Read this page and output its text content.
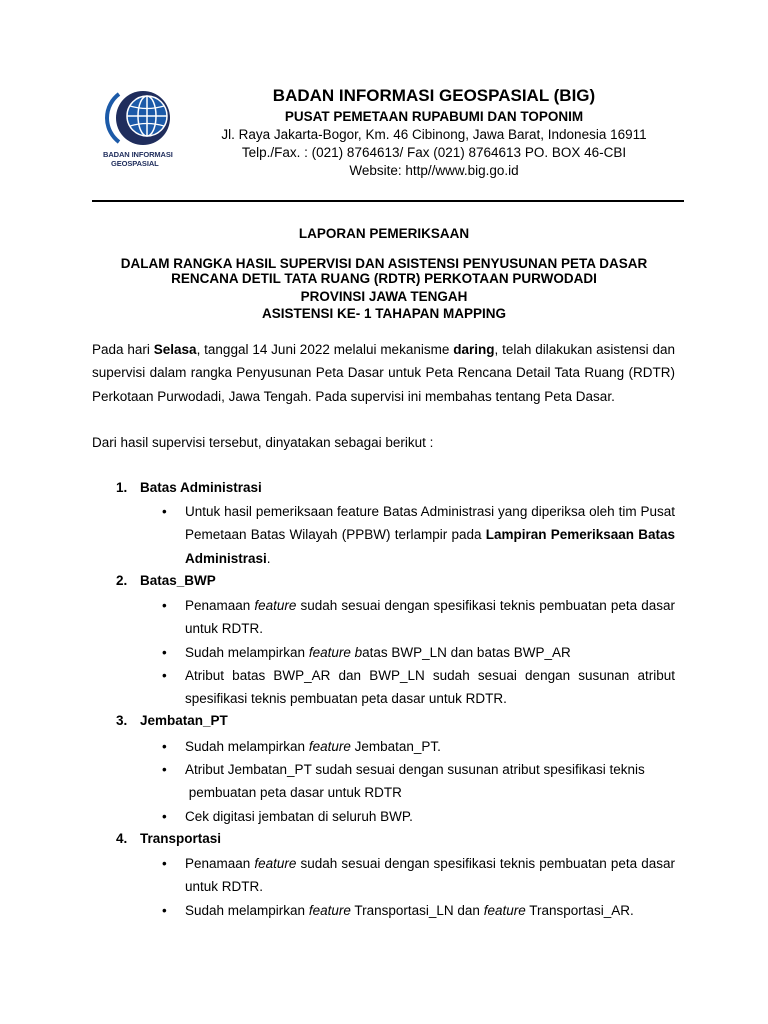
BADAN INFORMASI
GEOSPASIAL
BADAN INFORMASI GEOSPASIAL (BIG)
PUSAT PEMETAAN RUPABUMI DAN TOPONIM
Jl. Raya Jakarta-Bogor, Km. 46 Cibinong, Jawa Barat, Indonesia 16911
Telp./Fax. : (021) 8764613/ Fax (021) 8764613 PO. BOX 46-CBI
Website: http//www.big.go.id
LAPORAN PEMERIKSAAN
DALAM RANGKA HASIL SUPERVISI DAN ASISTENSI PENYUSUNAN PETA DASAR
RENCANA DETIL TATA RUANG (RDTR) PERKOTAAN PURWODADI
PROVINSI JAWA TENGAH
ASISTENSI KE- 1 TAHAPAN MAPPING
Pada hari Selasa, tanggal 14 Juni 2022 melalui mekanisme daring, telah dilakukan asistensi dan supervisi dalam rangka Penyusunan Peta Dasar untuk Peta Rencana Detail Tata Ruang (RDTR) Perkotaan Purwodadi, Jawa Tengah. Pada supervisi ini membahas tentang Peta Dasar.
Dari hasil supervisi tersebut, dinyatakan sebagai berikut :
1. Batas Administrasi
• Untuk hasil pemeriksaan feature Batas Administrasi yang diperiksa oleh tim Pusat Pemetaan Batas Wilayah (PPBW) terlampir pada Lampiran Pemeriksaan Batas Administrasi.
2. Batas_BWP
• Penamaan feature sudah sesuai dengan spesifikasi teknis pembuatan peta dasar untuk RDTR.
• Sudah melampirkan feature batas BWP_LN dan batas BWP_AR
• Atribut batas BWP_AR dan BWP_LN sudah sesuai dengan susunan atribut spesifikasi teknis pembuatan peta dasar untuk RDTR.
3. Jembatan_PT
• Sudah melampirkan feature Jembatan_PT.
• Atribut Jembatan_PT sudah sesuai dengan susunan atribut spesifikasi teknis
pembuatan peta dasar untuk RDTR
• Cek digitasi jembatan di seluruh BWP.
4. Transportasi
• Penamaan feature sudah sesuai dengan spesifikasi teknis pembuatan peta dasar untuk RDTR.
• Sudah melampirkan feature Transportasi_LN dan feature Transportasi_AR.
